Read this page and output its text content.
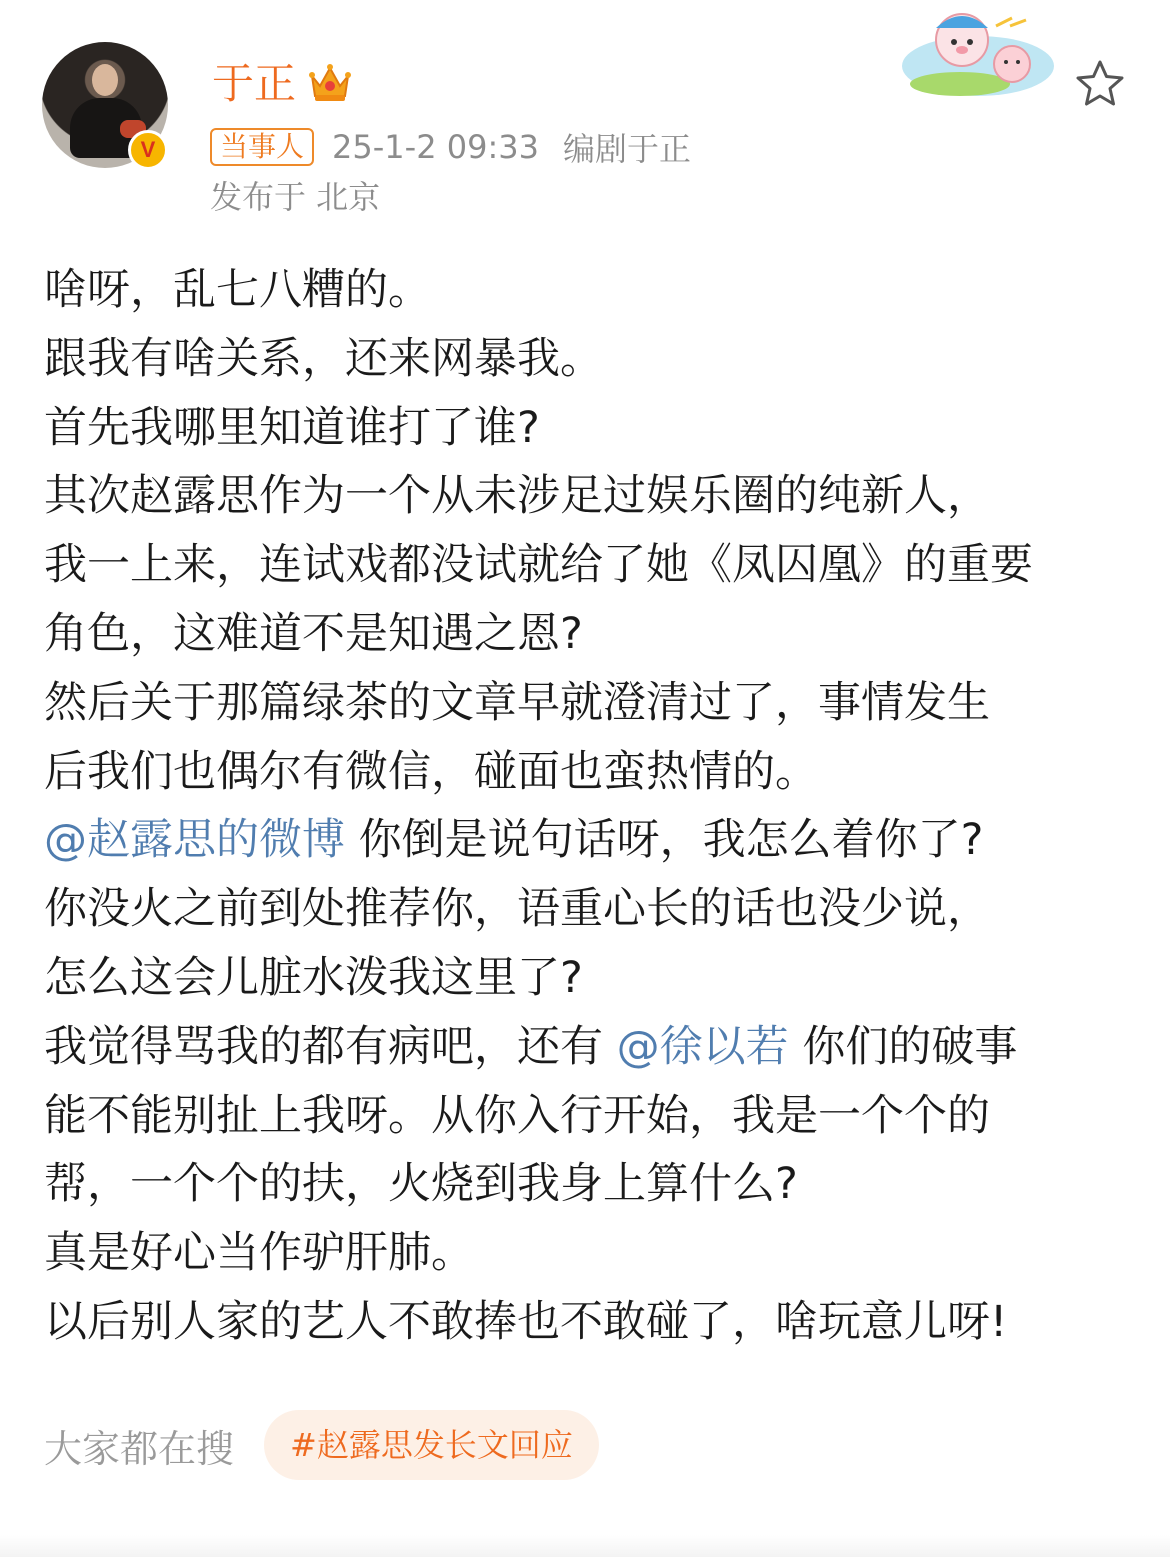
V
于正
当事人 25-1-2 09:33 编剧于正
发布于 北京
啥呀，乱七八糟的。
跟我有啥关系，还来网暴我。
首先我哪里知道谁打了谁?
其次赵露思作为一个从未涉足过娱乐圈的纯新人，
我一上来，连试戏都没试就给了她《凤囚凰》的重要
角色，这难道不是知遇之恩?
然后关于那篇绿茶的文章早就澄清过了，事情发生
后我们也偶尔有微信，碰面也蛮热情的。
@赵露思的微博 你倒是说句话呀，我怎么着你了?
你没火之前到处推荐你，语重心长的话也没少说，
怎么这会儿脏水泼我这里了?
我觉得骂我的都有病吧，还有 @徐以若 你们的破事
能不能别扯上我呀。从你入行开始，我是一个个的
帮，一个个的扶，火烧到我身上算什么?
真是好心当作驴肝肺。
以后别人家的艺人不敢捧也不敢碰了，啥玩意儿呀!
大家都在搜	#赵露思发长文回应
